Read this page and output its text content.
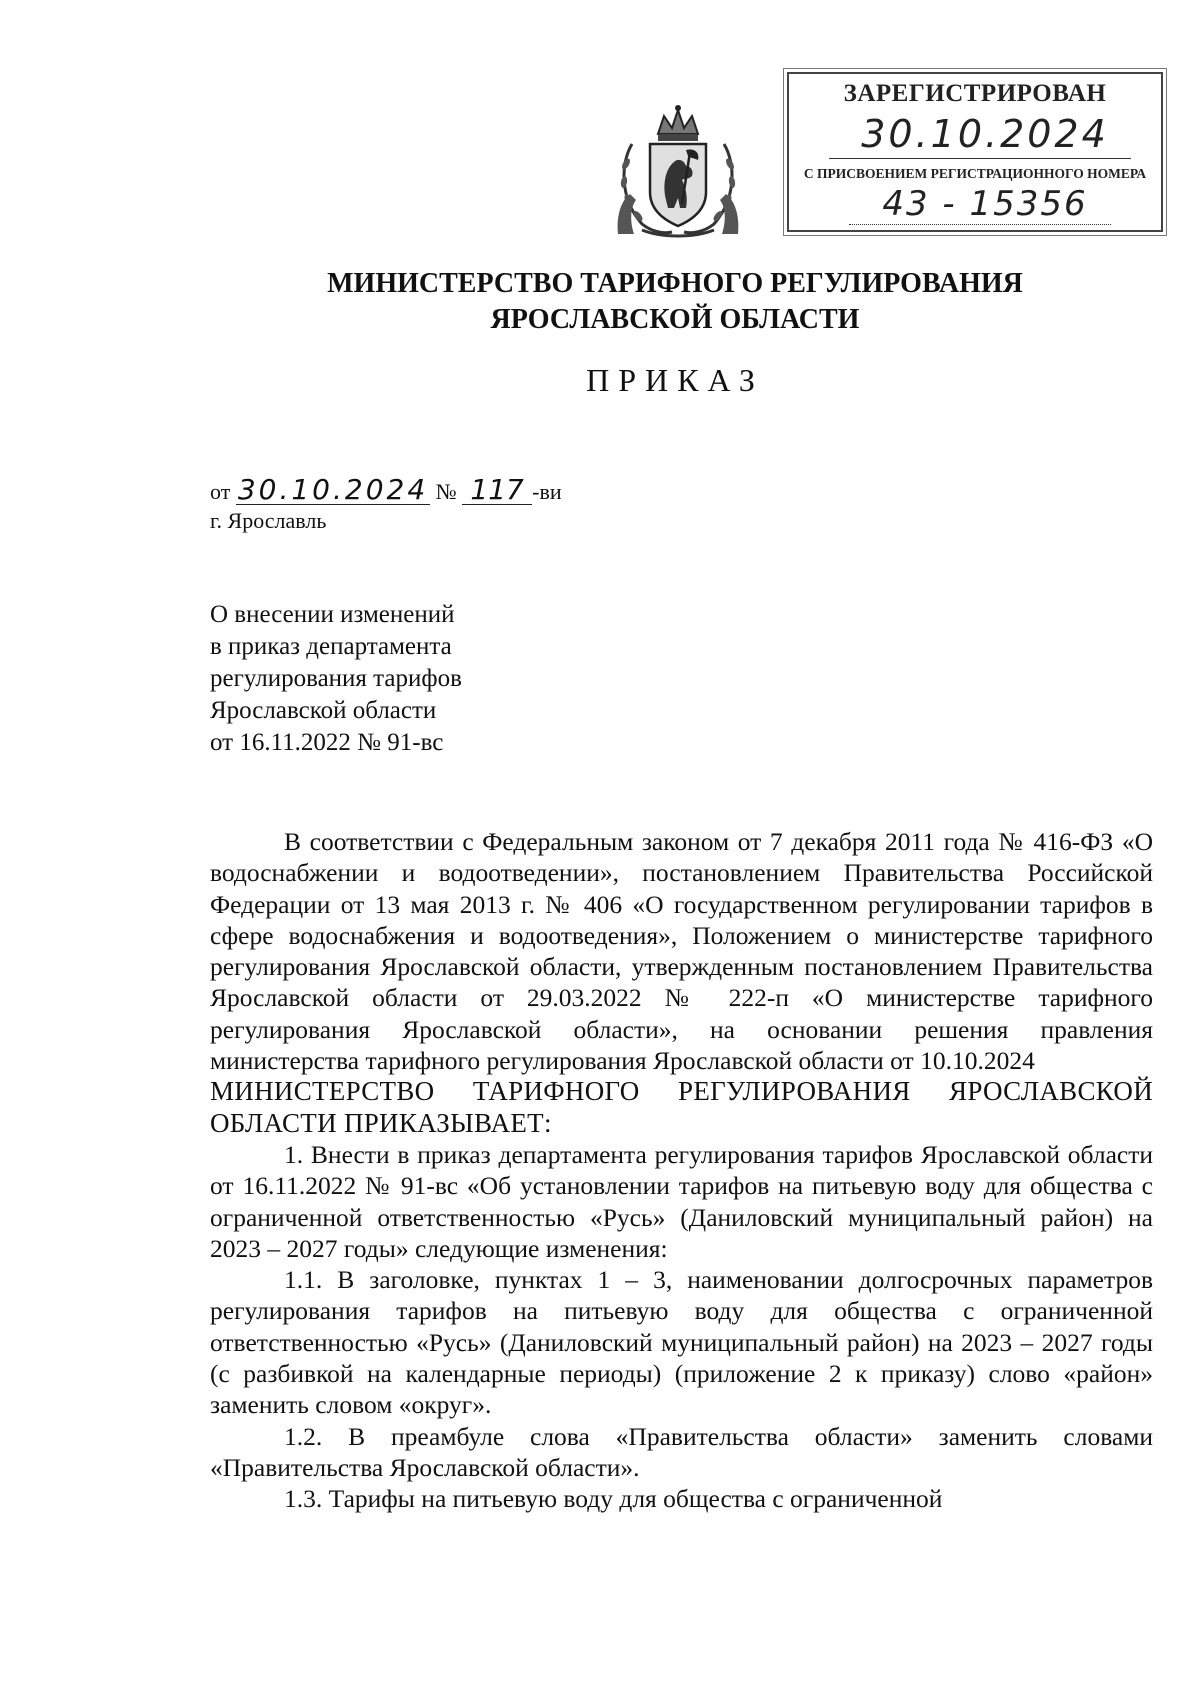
ЗАРЕГИСТРИРОВАН
30.10.2024
С ПРИСВОЕНИЕМ РЕГИСТРАЦИОННОГО НОМЕРА
43 - 15356
МИНИСТЕРСТВО ТАРИФНОГО РЕГУЛИРОВАНИЯ
ЯРОСЛАВСКОЙ ОБЛАСТИ
ПРИКАЗ
от 30.10.2024 № 117 -ви
г. Ярославль
О внесении изменений
в приказ департамента
регулирования тарифов
Ярославской области
от 16.11.2022 № 91-вс

В соответствии с Федеральным законом от 7 декабря 2011 года № 416-ФЗ «О водоснабжении и водоотведении», постановлением Правительства Российской Федерации от 13 мая 2013 г. № 406 «О государственном регулировании тарифов в сфере водоснабжения и водоотведения», Положением о министерстве тарифного регулирования Ярославской области, утвержденным постановлением Правительства Ярославской области от 29.03.2022 № 222-п «О министерстве тарифного регулирования Ярославской области», на основании решения правления министерства тарифного регулирования Ярославской области от 10.10.2024

МИНИСТЕРСТВО ТАРИФНОГО РЕГУЛИРОВАНИЯ ЯРОСЛАВСКОЙ ОБЛАСТИ ПРИКАЗЫВАЕТ:

1. Внести в приказ департамента регулирования тарифов Ярославской области от 16.11.2022 № 91-вс «Об установлении тарифов на питьевую воду для общества с ограниченной ответственностью «Русь» (Даниловский муниципальный район) на 2023 – 2027 годы» следующие изменения:

1.1. В заголовке, пунктах 1 – 3, наименовании долгосрочных параметров регулирования тарифов на питьевую воду для общества с ограниченной ответственностью «Русь» (Даниловский муниципальный район) на 2023 – 2027 годы (с разбивкой на календарные периоды) (приложение 2 к приказу) слово «район» заменить словом «округ».

1.2. В преамбуле слова «Правительства области» заменить словами «Правительства Ярославской области».

1.3. Тарифы на питьевую воду для общества с ограниченной
